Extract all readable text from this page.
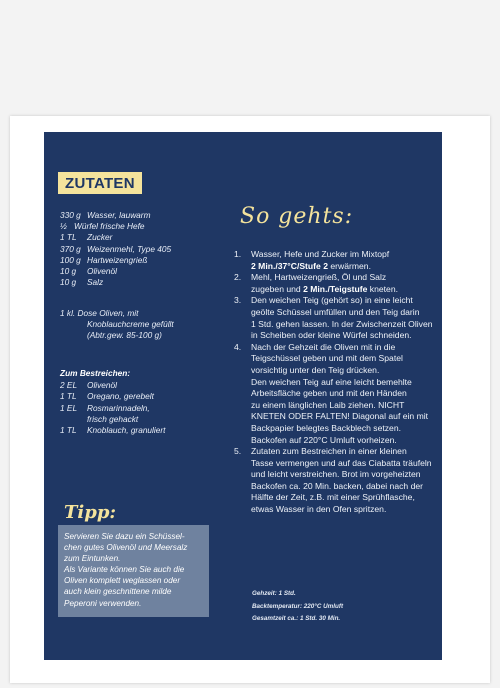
ZUTATEN
330 g Wasser, lauwarm
½ Würfel frische Hefe
1 TL	Zucker
370 g Weizenmehl, Type 405
100 g Hartweizengrieß
10 g	Olivenöl
10 g	Salz
1 kl. Dose Oliven, mit
Knoblauchcreme gefüllt
(Abtr.gew. 85-100 g)
Zum Bestreichen:
2 EL	Olivenöl
1 TL	Oregano, gerebelt
1 EL	Rosmarinnadeln,
frisch gehackt
1 TL	Knoblauch, granuliert
So gehts:
1.	Wasser, Hefe und Zucker im Mixtopf
2 Min./37°C/Stufe 2 erwärmen.
2.	Mehl, Hartweizengrieß, Öl und Salz
zugeben und 2 Min./Teigstufe kneten.
3.	Den weichen Teig (gehört so) in eine leicht
geölte Schüssel umfüllen und den Teig darin
1 Std. gehen lassen. In der Zwischenzeit Oliven
in Scheiben oder kleine Würfel schneiden.
4.	Nach der Gehzeit die Oliven mit in die
Teigschüssel geben und mit dem Spatel
vorsichtig unter den Teig drücken.
Den weichen Teig auf eine leicht bemehlte
Arbeitsfläche geben und mit den Händen
zu einem länglichen Laib ziehen. NICHT
KNETEN ODER FALTEN! Diagonal auf ein mit
Backpapier belegtes Backblech setzen.
Backofen auf 220°C Umluft vorheizen.
5.	Zutaten zum Bestreichen in einer kleinen
Tasse vermengen und auf das Ciabatta träufeln
und leicht verstreichen. Brot im vorgeheizten
Backofen ca. 20 Min. backen, dabei nach der
Hälfte der Zeit, z.B. mit einer Sprühflasche,
etwas Wasser in den Ofen spritzen.
Tipp:
Servieren Sie dazu ein Schüssel-
chen gutes Olivenöl und Meersalz
zum Eintunken.
Als Variante können Sie auch die
Oliven komplett weglassen oder
auch klein geschnittene milde
Peperoni verwenden.
Gehzeit: 1 Std.
Backtemperatur: 220°C Umluft
Gesamtzeit ca.: 1 Std. 30 Min.
